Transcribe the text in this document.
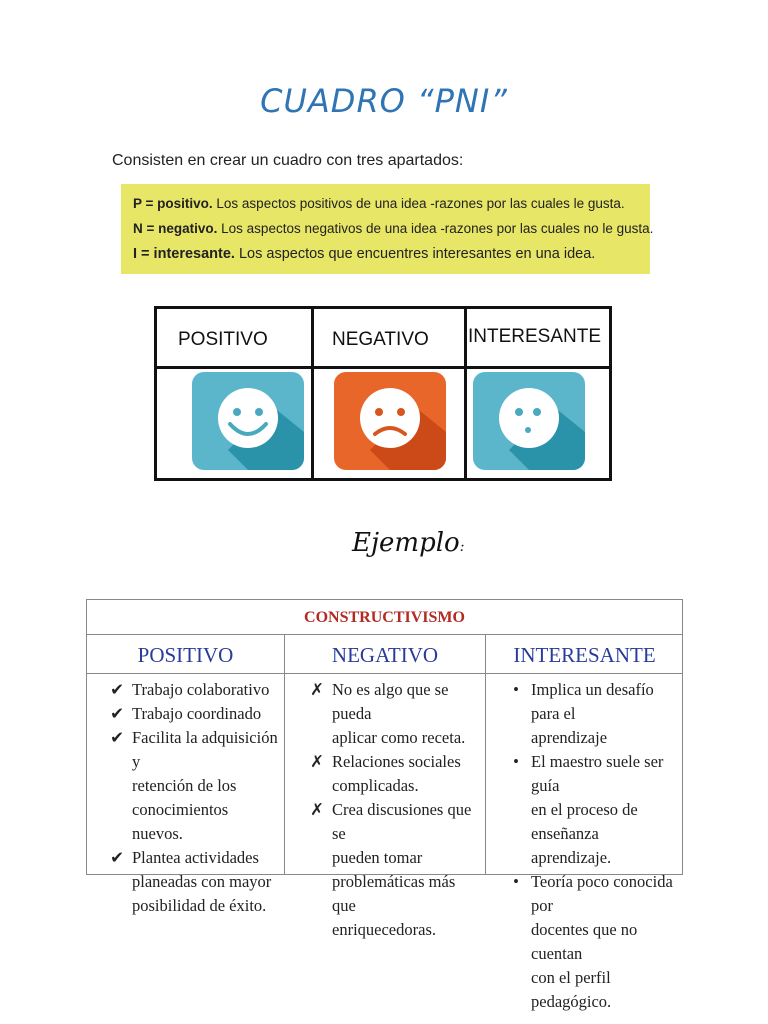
CUADRO “PNI”
Consisten en crear un cuadro con tres apartados:
P = positivo. Los aspectos positivos de una idea -razones por las cuales le gusta.
N = negativo. Los aspectos negativos de una idea -razones por las cuales no le gusta.
I = interesante. Los aspectos que encuentres interesantes en una idea.
POSITIVO	NEGATIVO INTERESANTE
Ejemplo:
CONSTRUCTIVISMO
POSITIVO	NEGATIVO	INTERESANTE
✔ Trabajo colaborativo
✔ Trabajo coordinado
✔ Facilita la adquisición y
retención de los
conocimientos nuevos.
✔ Plantea actividades
planeadas con mayor
posibilidad de éxito.
✗ No es algo que se pueda
aplicar como receta.
✗ Relaciones sociales
complicadas.
✗ Crea discusiones que se
pueden tomar
problemáticas más que
enriquecedoras.
• Implica un desafío para el
aprendizaje
• El maestro suele ser guía
en el proceso de
enseñanza aprendizaje.
• Teoría poco conocida por
docentes que no cuentan
con el perfil pedagógico.
